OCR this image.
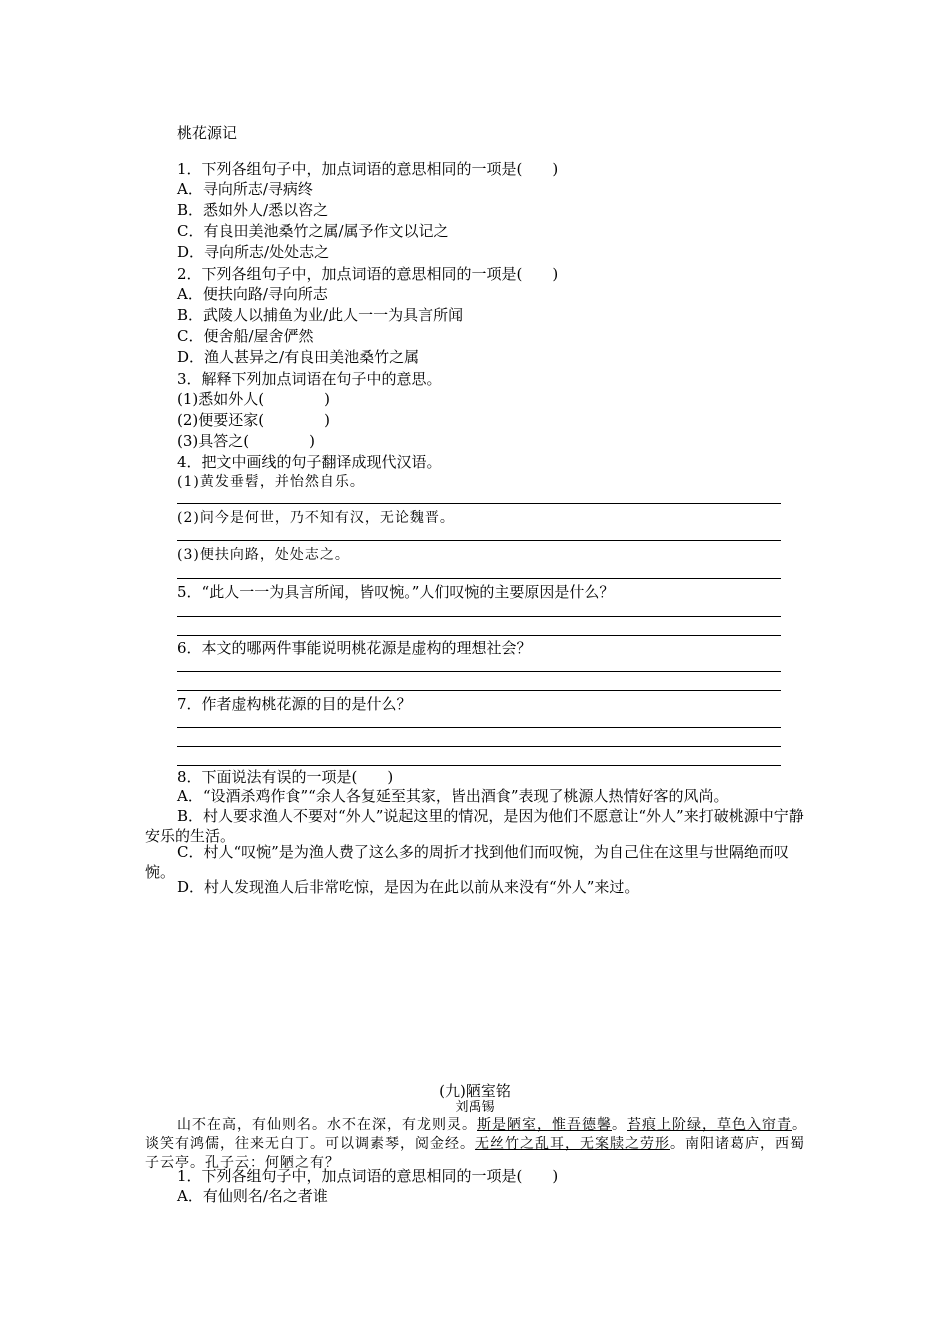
桃花源记
1．下列各组句子中，加点词语的意思相同的一项是(　　)
A．寻向所志/寻病终
B．悉如外人/悉以咨之
C．有良田美池桑竹之属/属予作文以记之
D．寻向所志/处处志之
2．下列各组句子中，加点词语的意思相同的一项是(　　)
A．便扶向路/寻向所志
B．武陵人以捕鱼为业/此人一一为具言所闻
C．便舍船/屋舍俨然
D．渔人甚异之/有良田美池桑竹之属
3．解释下列加点词语在句子中的意思。
(1)悉如外人(　　　　)
(2)便要还家(　　　　)
(3)具答之(　　　　)
4．把文中画线的句子翻译成现代汉语。
(1)黄发垂髫，并怡然自乐。
(2)问今是何世，乃不知有汉，无论魏晋。
(3)便扶向路，处处志之。
5．“此人一一为具言所闻，皆叹惋。”人们叹惋的主要原因是什么？
6．本文的哪两件事能说明桃花源是虚构的理想社会？
7．作者虚构桃花源的目的是什么？
8．下面说法有误的一项是(　　)
A．“设酒杀鸡作食”“余人各复延至其家，皆出酒食”表现了桃源人热情好客的风尚。
B．村人要求渔人不要对“外人”说起这里的情况，是因为他们不愿意让“外人”来打破桃源中宁静安乐的生活。
C．村人“叹惋”是为渔人费了这么多的周折才找到他们而叹惋，为自己住在这里与世隔绝而叹惋。
D．村人发现渔人后非常吃惊，是因为在此以前从来没有“外人”来过。
(九)陋室铭
刘禹锡
山不在高，有仙则名。水不在深，有龙则灵。斯是陋室，惟吾德馨。苔痕上阶绿，草色入帘青。谈笑有鸿儒，往来无白丁。可以调素琴，阅金经。无丝竹之乱耳，无案牍之劳形。南阳诸葛庐，西蜀子云亭。孔子云：何陋之有？
1．下列各组句子中，加点词语的意思相同的一项是(　　)
A．有仙则名/名之者谁
